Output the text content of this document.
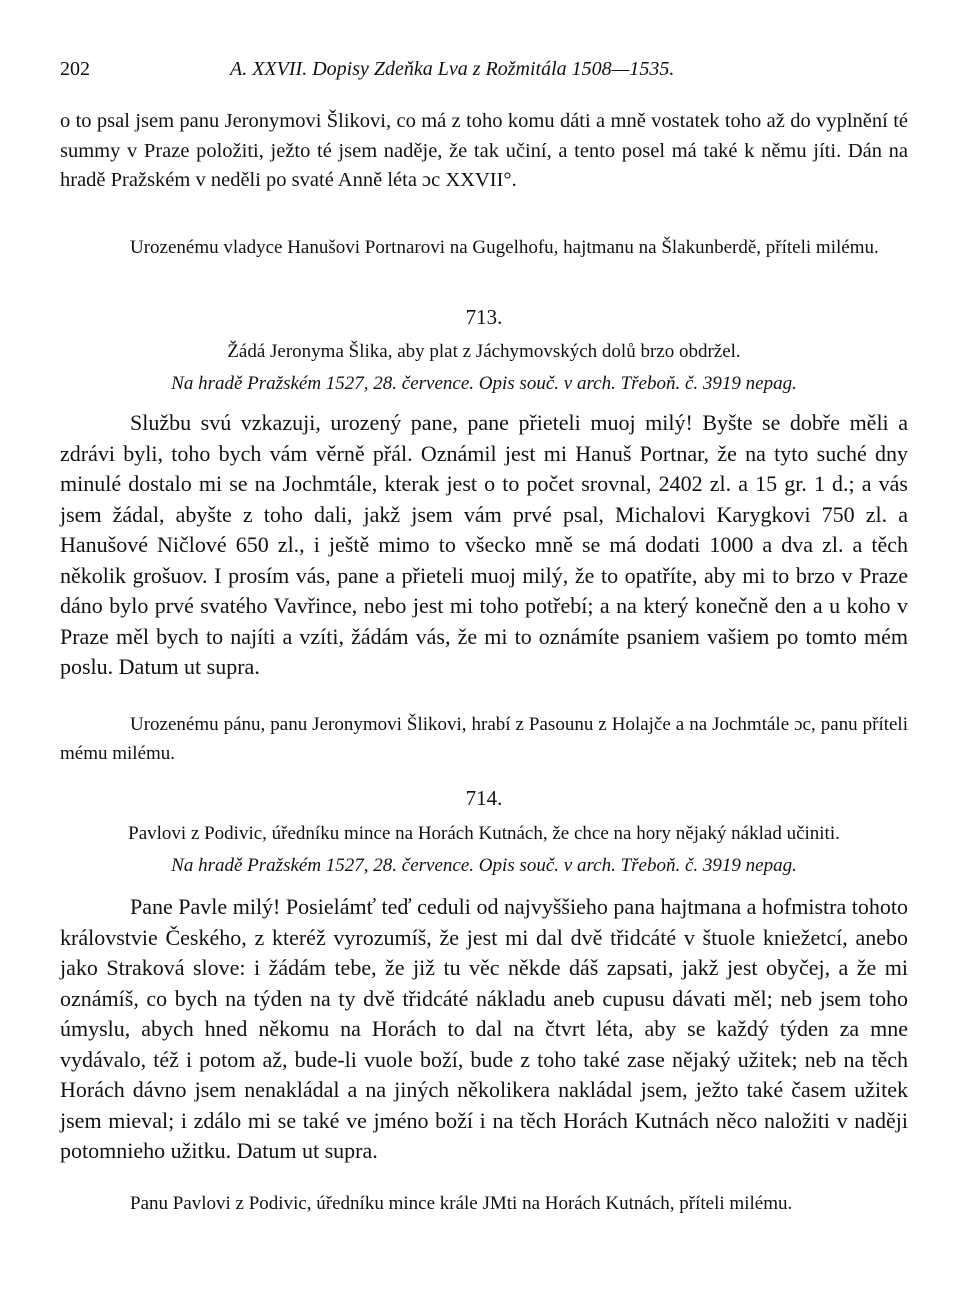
202	A. XXVII. Dopisy Zdeňka Lva z Rožmitála 1508—1535.
o to psal jsem panu Jeronymovi Šlikovi, co má z toho komu dáti a mně vostatek toho až do vyplnění té summy v Praze položiti, ježto té jsem naděje, že tak učiní, a tento posel má také k němu jíti. Dán na hradě Pražském v neděli po svaté Anně léta ɔc XXVII°.
Urozenému vladyce Hanušovi Portnarovi na Gugelhofu, hajtmanu na Šlakunberdě, příteli milému.
713.
Žádá Jeronyma Šlika, aby plat z Jáchymovských dolů brzo obdržel.
Na hradě Pražském 1527, 28. července. Opis souč. v arch. Třeboň. č. 3919 nepag.
Službu svú vzkazuji, urozený pane, pane přieteli muoj milý! Byšte se dobře měli a zdrávi byli, toho bych vám věrně přál. Oznámil jest mi Hanuš Portnar, že na tyto suché dny minulé dostalo mi se na Jochmtále, kterak jest o to počet srovnal, 2402 zl. a 15 gr. 1 d.; a vás jsem žádal, abyšte z toho dali, jakž jsem vám prvé psal, Michalovi Karygkovi 750 zl. a Hanušové Ničlové 650 zl., i ještě mimo to všecko mně se má dodati 1000 a dva zl. a těch několik grošuov. I prosím vás, pane a přieteli muoj milý, že to opatříte, aby mi to brzo v Praze dáno bylo prvé svatého Vavřince, nebo jest mi toho potřebí; a na který konečně den a u koho v Praze měl bych to najíti a vzíti, žádám vás, že mi to oznámíte psaniem vašiem po tomto mém poslu. Datum ut supra.
Urozenému pánu, panu Jeronymovi Šlikovi, hrabí z Pasounu z Holajče a na Jochmtále ɔc, panu příteli mému milému.
714.
Pavlovi z Podivic, úředníku mince na Horách Kutnách, že chce na hory nějaký náklad učiniti.
Na hradě Pražském 1527, 28. července. Opis souč. v arch. Třeboň. č. 3919 nepag.
Pane Pavle milý! Posielámť teď ceduli od najvyššieho pana hajtmana a hofmistra tohoto královstvie Českého, z kteréž vyrozumíš, že jest mi dal dvě třidcáté v štuole kniežetcí, anebo jako Straková slove: i žádám tebe, že již tu věc někde dáš zapsati, jakž jest obyčej, a že mi oznámíš, co bych na týden na ty dvě třidcáté nákladu aneb cupusu dávati měl; neb jsem toho úmyslu, abych hned někomu na Horách to dal na čtvrt léta, aby se každý týden za mne vydávalo, též i potom až, bude-li vuole boží, bude z toho také zase nějaký užitek; neb na těch Horách dávno jsem nenakládal a na jiných několikera nakládal jsem, ježto také časem užitek jsem mieval; i zdálo mi se také ve jméno boží i na těch Horách Kutnách něco naložiti v naději potomnieho užitku. Datum ut supra.
Panu Pavlovi z Podivic, úředníku mince krále JMti na Horách Kutnách, příteli milému.
